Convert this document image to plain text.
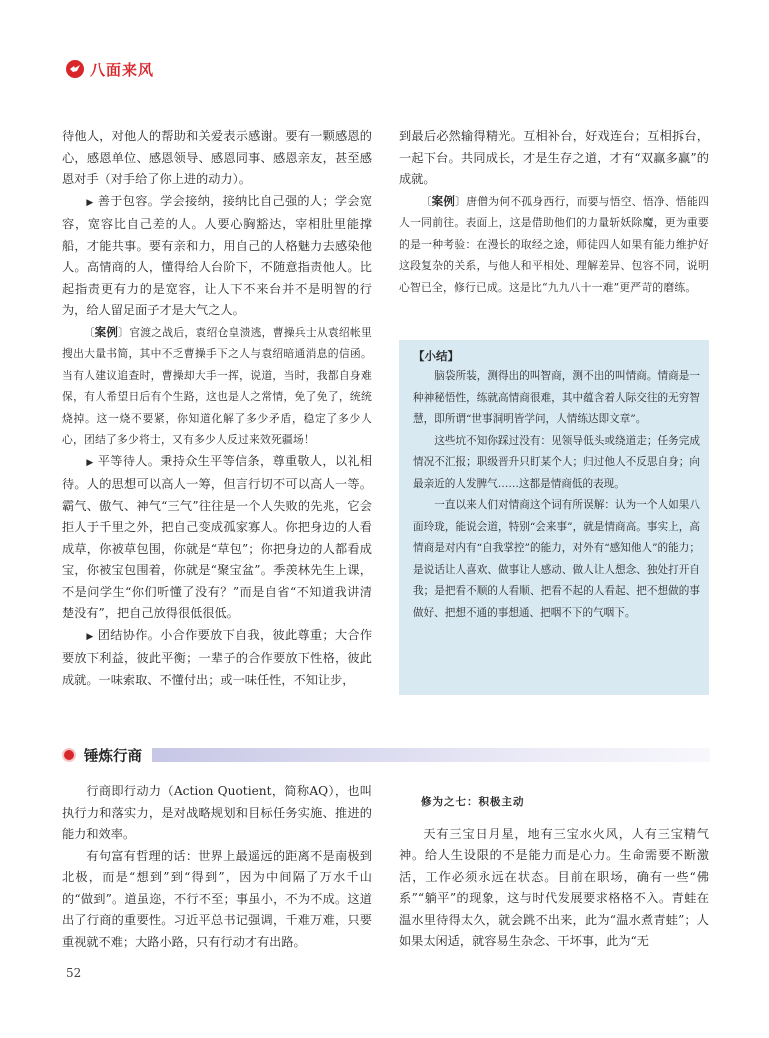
八面来风

待他人，对他人的帮助和关爱表示感谢。要有一颗感恩的心，感恩单位、感恩领导、感恩同事、感恩亲友，甚至感恩对手（对手给了你上进的动力）。

▶ 善于包容。学会接纳，接纳比自己强的人；学会宽容，宽容比自己差的人。人要心胸豁达，宰相肚里能撑船，才能共事。要有亲和力，用自己的人格魅力去感染他人。高情商的人，懂得给人台阶下，不随意指责他人。比起指责更有力的是宽容，让人下不来台并不是明智的行为，给人留足面子才是大气之人。

〔案例〕官渡之战后，袁绍仓皇溃逃，曹操兵士从袁绍帐里搜出大量书简，其中不乏曹操手下之人与袁绍暗通消息的信函。当有人建议追查时，曹操却大手一挥，说道，当时，我都自身难保，有人希望日后有个生路，这也是人之常情，免了免了，统统烧掉。这一烧不要紧，你知道化解了多少矛盾，稳定了多少人心，团结了多少将士，又有多少人反过来效死疆场！

▶ 平等待人。秉持众生平等信条，尊重敬人，以礼相待。人的思想可以高人一筹，但言行切不可以高人一等。霸气、傲气、神气“三气”往往是一个人失败的先兆，它会拒人于千里之外，把自己变成孤家寡人。你把身边的人看成草，你被草包围，你就是“草包”；你把身边的人都看成宝，你被宝包围着，你就是“聚宝盆”。季羡林先生上课，不是问学生“你们听懂了没有？”而是自省“不知道我讲清楚没有”，把自己放得很低很低。

▶ 团结协作。小合作要放下自我，彼此尊重；大合作要放下利益，彼此平衡；一辈子的合作要放下性格，彼此成就。一味索取、不懂付出；或一味任性，不知让步，

到最后必然输得精光。互相补台，好戏连台；互相拆台，一起下台。共同成长，才是生存之道，才有“双赢多赢”的成就。

〔案例〕唐僧为何不孤身西行，而要与悟空、悟净、悟能四人一同前往。表面上，这是借助他们的力量斩妖除魔，更为重要的是一种考验：在漫长的取经之途，师徒四人如果有能力维护好这段复杂的关系，与他人和平相处、理解差异、包容不同，说明心智已全，修行已成。这是比“九九八十一难”更严苛的磨练。

【小结】

脑袋所装，测得出的叫智商，测不出的叫情商。情商是一种神秘悟性，练就高情商很难，其中蕴含着人际交往的无穷智慧，即所谓“世事洞明皆学问，人情练达即文章”。

这些坑不知你踩过没有：见领导低头或绕道走；任务完成情况不汇报；职级晋升只盯某个人；归过他人不反思自身；向最亲近的人发脾气……这都是情商低的表现。

一直以来人们对情商这个词有所误解：认为一个人如果八面玲珑，能说会道，特别“会来事”，就是情商高。事实上，高情商是对内有“自我掌控”的能力，对外有“感知他人”的能力；是说话让人喜欢、做事让人感动、做人让人想念、独处打开自我；是把看不顺的人看顺、把看不起的人看起、把不想做的事做好、把想不通的事想通、把咽不下的气咽下。

锤炼行商

行商即行动力（Action Quotient，简称AQ），也叫执行力和落实力，是对战略规划和目标任务实施、推进的能力和效率。

有句富有哲理的话：世界上最遥远的距离不是南极到北极，而是“想到”到“得到”，因为中间隔了万水千山的“做到”。道虽迩，不行不至；事虽小，不为不成。这道出了行商的重要性。习近平总书记强调，千难万难，只要重视就不难；大路小路，只有行动才有出路。

修为之七：积极主动

天有三宝日月星，地有三宝水火风，人有三宝精气神。给人生设限的不是能力而是心力。生命需要不断激活，工作必须永远在状态。目前在职场，确有一些“佛系”“躺平”的现象，这与时代发展要求格格不入。青蛙在温水里待得太久，就会跳不出来，此为“温水煮青蛙”；人如果太闲适，就容易生杂念、干坏事，此为“无

52
